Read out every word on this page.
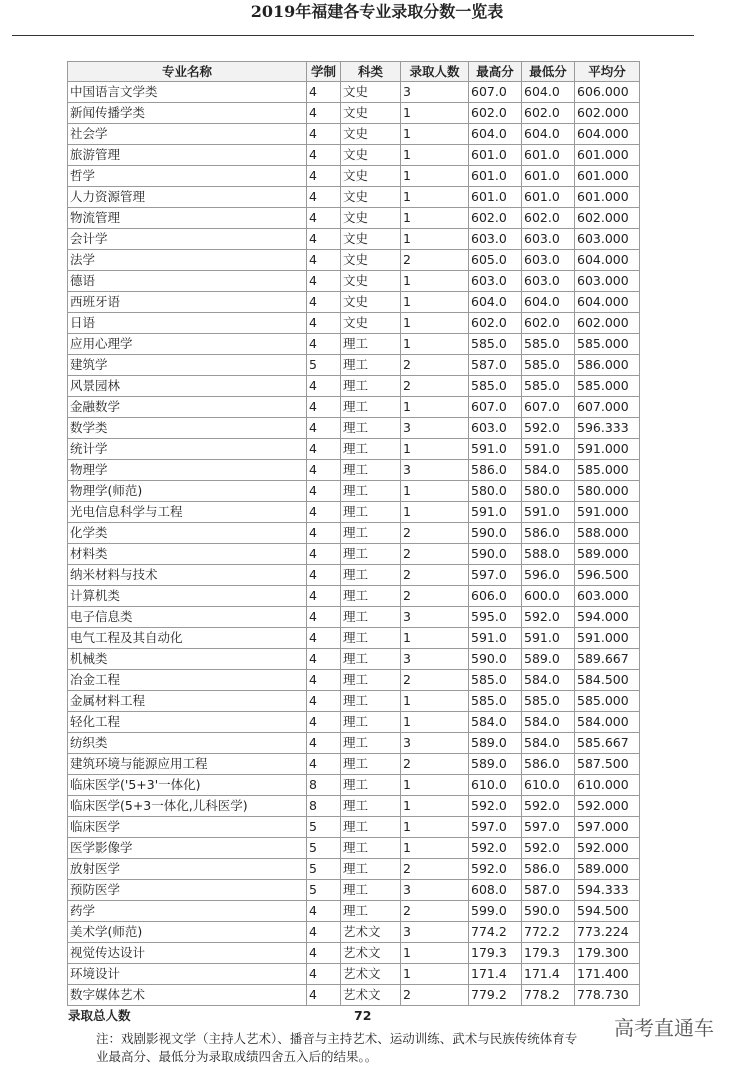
2019年福建各专业录取分数一览表
专业名称	学制	科类	录取人数	最高分	最低分	平均分
中国语言文学类	4	文史	3	607.0	604.0	606.000
新闻传播学类	4	文史	1	602.0	602.0	602.000
社会学	4	文史	1	604.0	604.0	604.000
旅游管理	4	文史	1	601.0	601.0	601.000
哲学	4	文史	1	601.0	601.0	601.000
人力资源管理	4	文史	1	601.0	601.0	601.000
物流管理	4	文史	1	602.0	602.0	602.000
会计学	4	文史	1	603.0	603.0	603.000
法学	4	文史	2	605.0	603.0	604.000
德语	4	文史	1	603.0	603.0	603.000
西班牙语	4	文史	1	604.0	604.0	604.000
日语	4	文史	1	602.0	602.0	602.000
应用心理学	4	理工	1	585.0	585.0	585.000
建筑学	5	理工	2	587.0	585.0	586.000
风景园林	4	理工	2	585.0	585.0	585.000
金融数学	4	理工	1	607.0	607.0	607.000
数学类	4	理工	3	603.0	592.0	596.333
统计学	4	理工	1	591.0	591.0	591.000
物理学	4	理工	3	586.0	584.0	585.000
物理学(师范)	4	理工	1	580.0	580.0	580.000
光电信息科学与工程	4	理工	1	591.0	591.0	591.000
化学类	4	理工	2	590.0	586.0	588.000
材料类	4	理工	2	590.0	588.0	589.000
纳米材料与技术	4	理工	2	597.0	596.0	596.500
计算机类	4	理工	2	606.0	600.0	603.000
电子信息类	4	理工	3	595.0	592.0	594.000
电气工程及其自动化	4	理工	1	591.0	591.0	591.000
机械类	4	理工	3	590.0	589.0	589.667
冶金工程	4	理工	2	585.0	584.0	584.500
金属材料工程	4	理工	1	585.0	585.0	585.000
轻化工程	4	理工	1	584.0	584.0	584.000
纺织类	4	理工	3	589.0	584.0	585.667
建筑环境与能源应用工程	4	理工	2	589.0	586.0	587.500
临床医学('5+3'一体化)	8	理工	1	610.0	610.0	610.000
临床医学(5+3一体化,儿科医学)	8	理工	1	592.0	592.0	592.000
临床医学	5	理工	1	597.0	597.0	597.000
医学影像学	5	理工	1	592.0	592.0	592.000
放射医学	5	理工	2	592.0	586.0	589.000
预防医学	5	理工	3	608.0	587.0	594.333
药学	4	理工	2	599.0	590.0	594.500
美术学(师范)	4	艺术文	3	774.2	772.2	773.224
视觉传达设计	4	艺术文	1	179.3	179.3	179.300
环境设计	4	艺术文	1	171.4	171.4	171.400
数字媒体艺术	4	艺术文	2	779.2	778.2	778.730
录取总人数	72
注：戏剧影视文学（主持人艺术）、播音与主持艺术、运动训练、武术与民族传统体育专业最高分、最低分为录取成绩四舍五入后的结果。。
高考直通车
